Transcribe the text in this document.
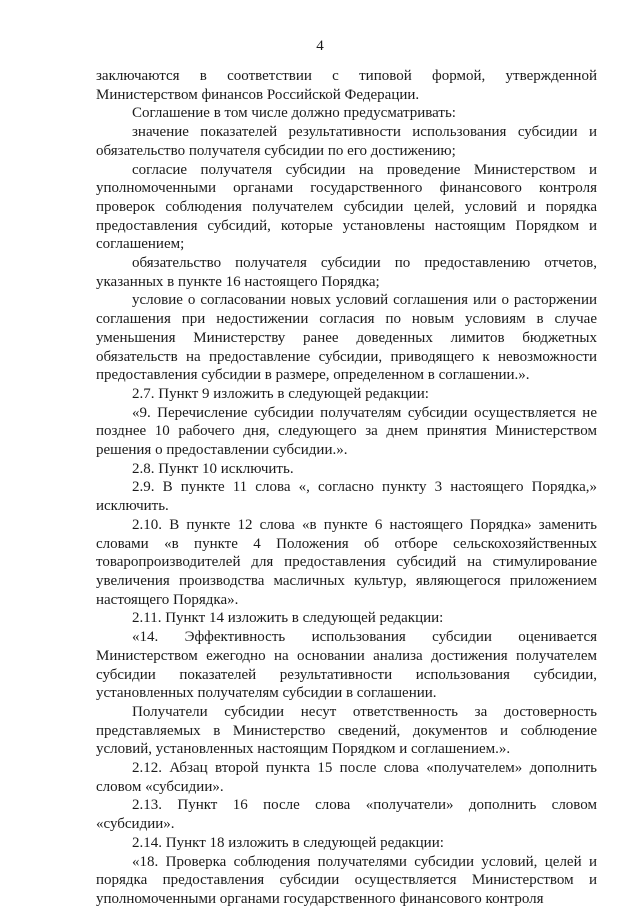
4

заключаются в соответствии с типовой формой, утвержденной Министерством финансов Российской Федерации.

Соглашение в том числе должно предусматривать:

значение показателей результативности использования субсидии и обязательство получателя субсидии по его достижению;

согласие получателя субсидии на проведение Министерством и уполномоченными органами государственного финансового контроля проверок соблюдения получателем субсидии целей, условий и порядка предоставления субсидий, которые установлены настоящим Порядком и соглашением;

обязательство получателя субсидии по предоставлению отчетов, указанных в пункте 16 настоящего Порядка;

условие о согласовании новых условий соглашения или о расторжении соглашения при недостижении согласия по новым условиям в случае уменьшения Министерству ранее доведенных лимитов бюджетных обязательств на предоставление субсидии, приводящего к невозможности предоставления субсидии в размере, определенном в соглашении.».

2.7. Пункт 9 изложить в следующей редакции:

«9. Перечисление субсидии получателям субсидии осуществляется не позднее 10 рабочего дня, следующего за днем принятия Министерством решения о предоставлении субсидии.».

2.8. Пункт 10 исключить.

2.9. В пункте 11 слова «, согласно пункту 3 настоящего Порядка,» исключить.

2.10. В пункте 12 слова «в пункте 6 настоящего Порядка» заменить словами «в пункте 4 Положения об отборе сельскохозяйственных товаропроизводителей для предоставления субсидий на стимулирование увеличения производства масличных культур, являющегося приложением настоящего Порядка».

2.11. Пункт 14 изложить в следующей редакции:

«14. Эффективность использования субсидии оценивается Министерством ежегодно на основании анализа достижения получателем субсидии показателей результативности использования субсидии, установленных получателям субсидии в соглашении.

Получатели субсидии несут ответственность за достоверность представляемых в Министерство сведений, документов и соблюдение условий, установленных настоящим Порядком и соглашением.».

2.12. Абзац второй пункта 15 после слова «получателем» дополнить словом «субсидии».

2.13. Пункт 16 после слова «получатели» дополнить словом «субсидии».

2.14. Пункт 18 изложить в следующей редакции:

«18. Проверка соблюдения получателями субсидии условий, целей и порядка предоставления субсидии осуществляется Министерством и уполномоченными органами государственного финансового контроля
